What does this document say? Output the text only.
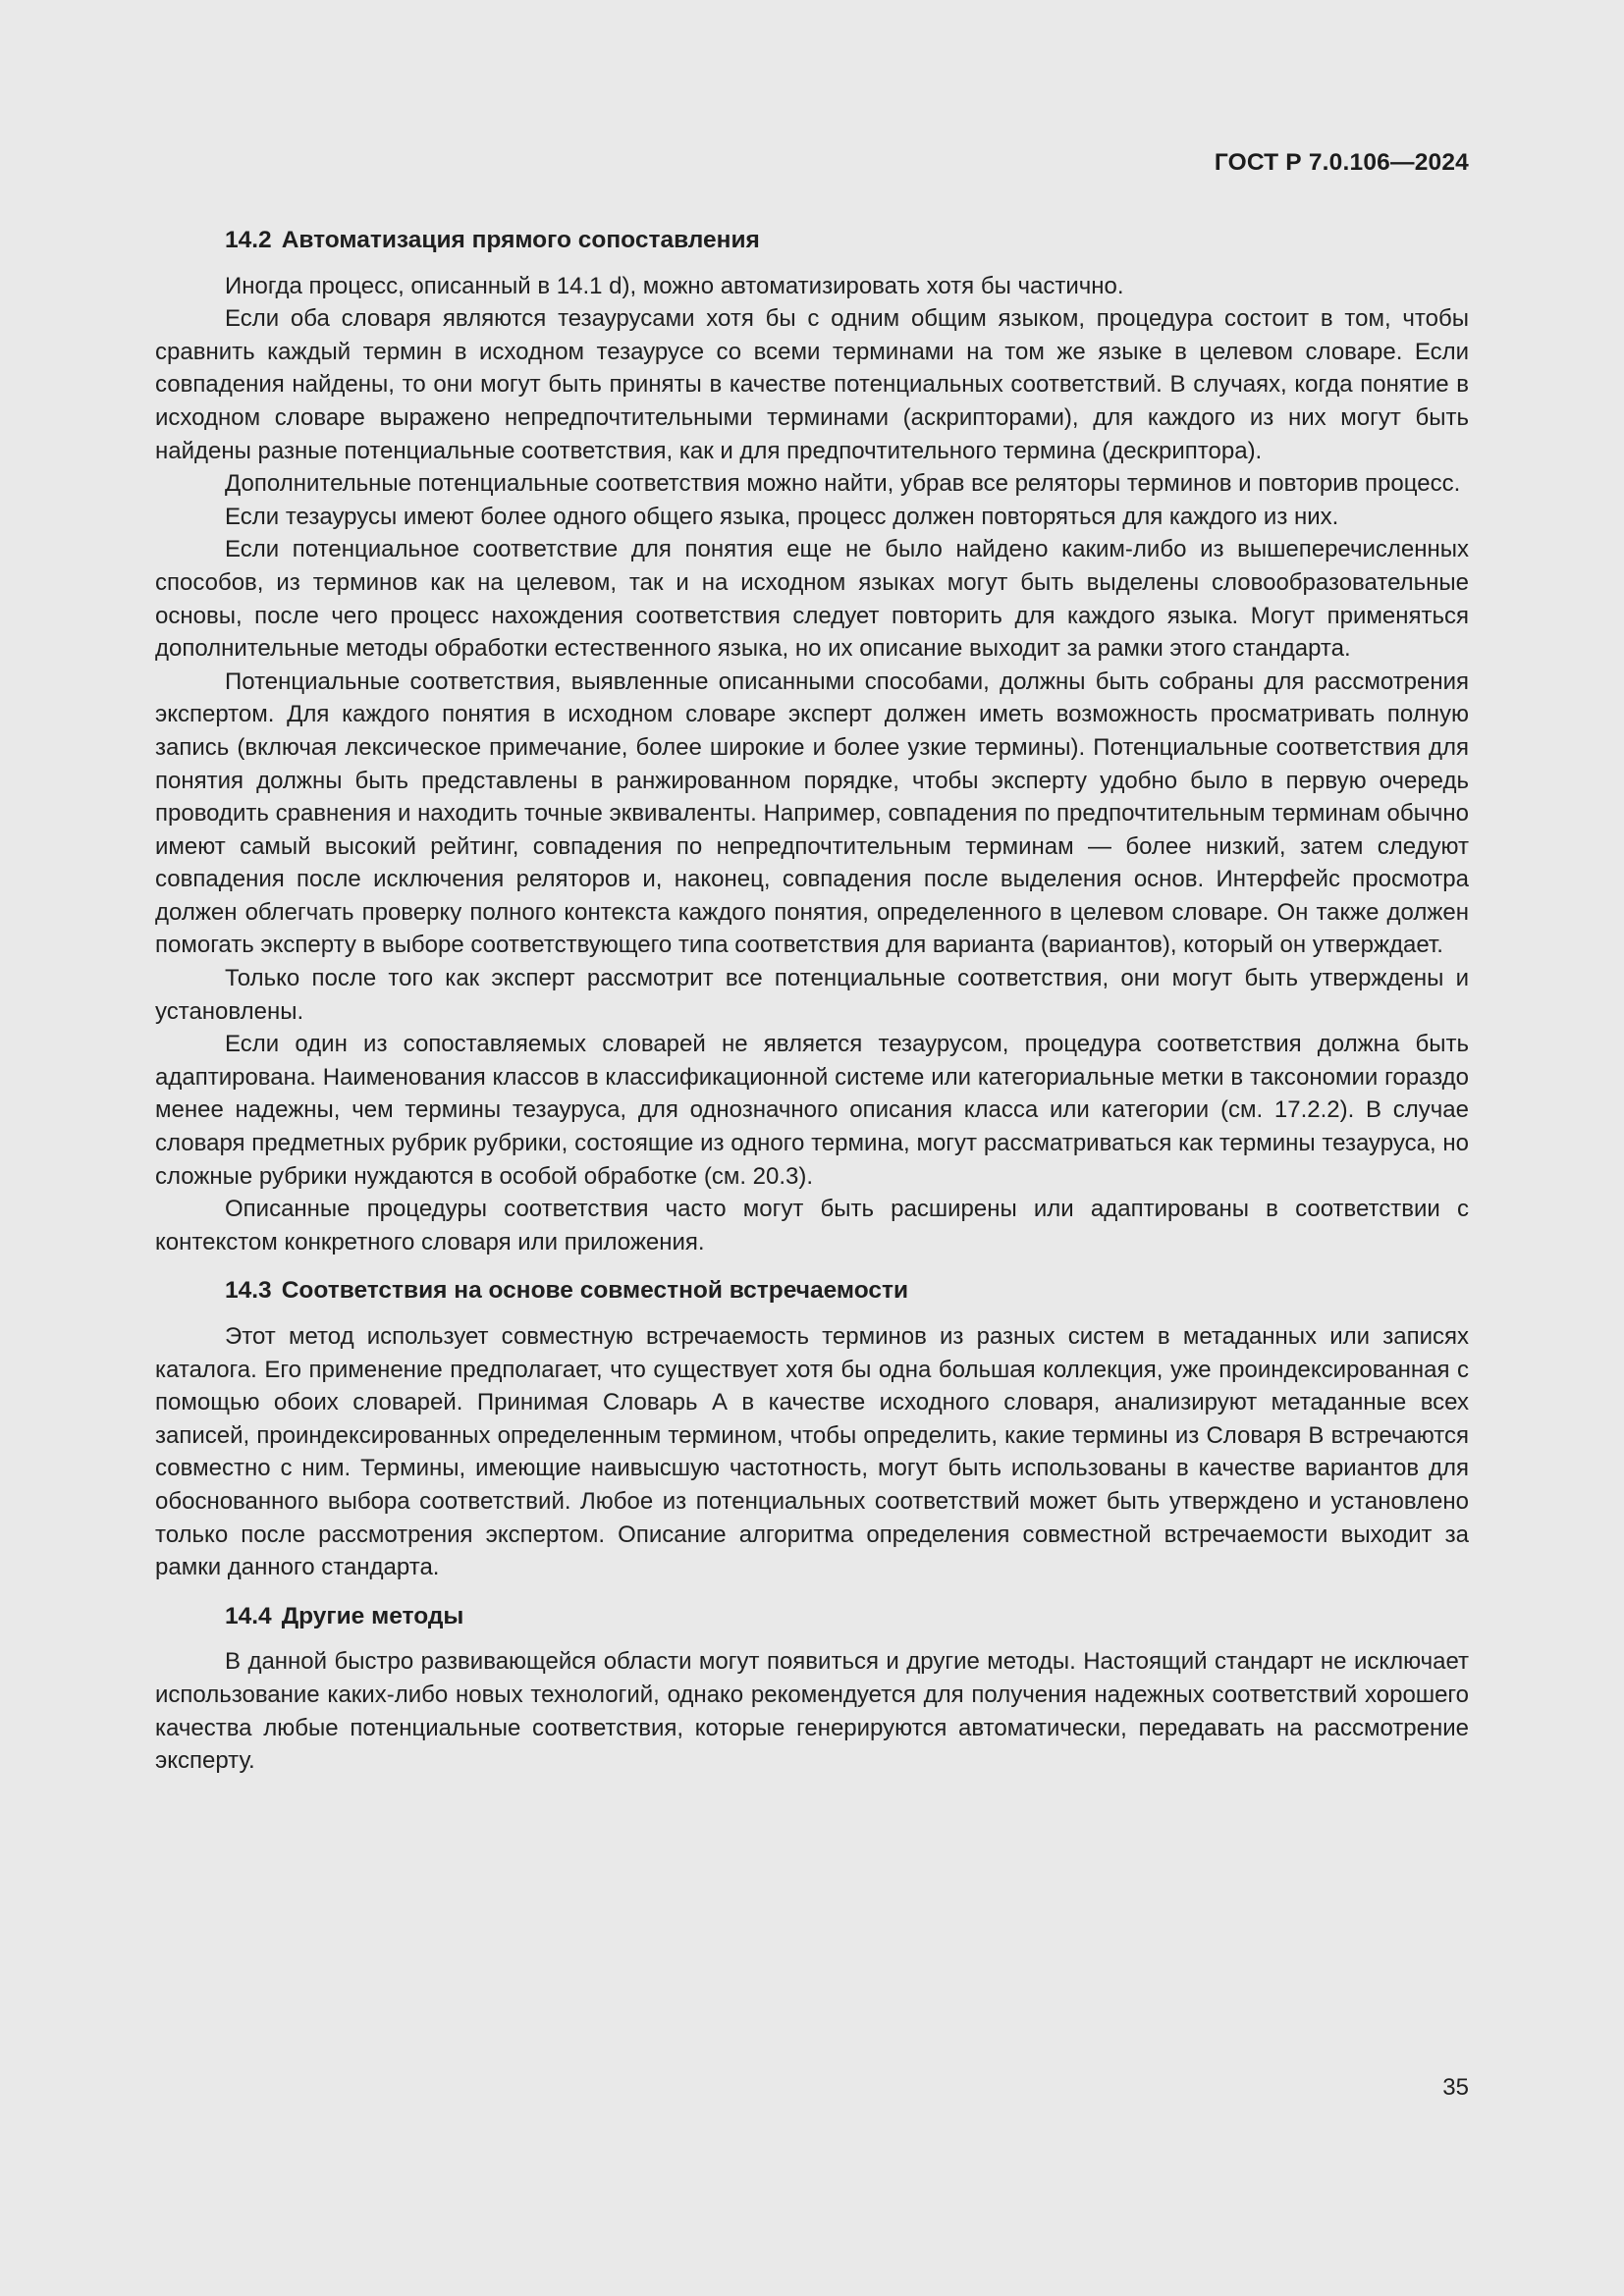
ГОСТ Р 7.0.106—2024
14.2 Автоматизация прямого сопоставления

Иногда процесс, описанный в 14.1 d), можно автоматизировать хотя бы частично.

Если оба словаря являются тезаурусами хотя бы с одним общим языком, процедура состоит в том, чтобы сравнить каждый термин в исходном тезаурусе со всеми терминами на том же языке в целевом словаре. Если совпадения найдены, то они могут быть приняты в качестве потенциальных соответствий. В случаях, когда понятие в исходном словаре выражено непредпочтительными терминами (аскрипторами), для каждого из них могут быть найдены разные потенциальные соответствия, как и для предпочтительного термина (дескриптора).

Дополнительные потенциальные соответствия можно найти, убрав все реляторы терминов и повторив процесс.

Если тезаурусы имеют более одного общего языка, процесс должен повторяться для каждого из них.

Если потенциальное соответствие для понятия еще не было найдено каким-либо из вышеперечисленных способов, из терминов как на целевом, так и на исходном языках могут быть выделены словообразовательные основы, после чего процесс нахождения соответствия следует повторить для каждого языка. Могут применяться дополнительные методы обработки естественного языка, но их описание выходит за рамки этого стандарта.

Потенциальные соответствия, выявленные описанными способами, должны быть собраны для рассмотрения экспертом. Для каждого понятия в исходном словаре эксперт должен иметь возможность просматривать полную запись (включая лексическое примечание, более широкие и более узкие термины). Потенциальные соответствия для понятия должны быть представлены в ранжированном порядке, чтобы эксперту удобно было в первую очередь проводить сравнения и находить точные эквиваленты. Например, совпадения по предпочтительным терминам обычно имеют самый высокий рейтинг, совпадения по непредпочтительным терминам — более низкий, затем следуют совпадения после исключения реляторов и, наконец, совпадения после выделения основ. Интерфейс просмотра должен облегчать проверку полного контекста каждого понятия, определенного в целевом словаре. Он также должен помогать эксперту в выборе соответствующего типа соответствия для варианта (вариантов), который он утверждает.

Только после того как эксперт рассмотрит все потенциальные соответствия, они могут быть утверждены и установлены.

Если один из сопоставляемых словарей не является тезаурусом, процедура соответствия должна быть адаптирована. Наименования классов в классификационной системе или категориальные метки в таксономии гораздо менее надежны, чем термины тезауруса, для однозначного описания класса или категории (см. 17.2.2). В случае словаря предметных рубрик рубрики, состоящие из одного термина, могут рассматриваться как термины тезауруса, но сложные рубрики нуждаются в особой обработке (см. 20.3).

Описанные процедуры соответствия часто могут быть расширены или адаптированы в соответствии с контекстом конкретного словаря или приложения.

14.3 Соответствия на основе совместной встречаемости

Этот метод использует совместную встречаемость терминов из разных систем в метаданных или записях каталога. Его применение предполагает, что существует хотя бы одна большая коллекция, уже проиндексированная с помощью обоих словарей. Принимая Словарь А в качестве исходного словаря, анализируют метаданные всех записей, проиндексированных определенным термином, чтобы определить, какие термины из Словаря В встречаются совместно с ним. Термины, имеющие наивысшую частотность, могут быть использованы в качестве вариантов для обоснованного выбора соответствий. Любое из потенциальных соответствий может быть утверждено и установлено только после рассмотрения экспертом. Описание алгоритма определения совместной встречаемости выходит за рамки данного стандарта.

14.4 Другие методы

В данной быстро развивающейся области могут появиться и другие методы. Настоящий стандарт не исключает использование каких-либо новых технологий, однако рекомендуется для получения надежных соответствий хорошего качества любые потенциальные соответствия, которые генерируются автоматически, передавать на рассмотрение эксперту.

35
